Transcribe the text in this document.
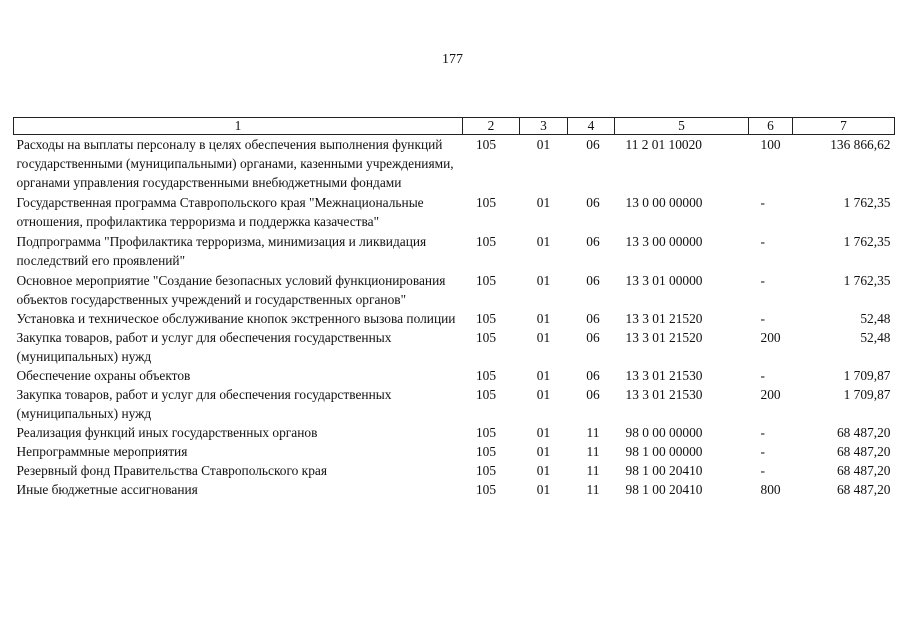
177
1	2	3	4	5	6	7
Расходы на выплаты персоналу в целях обеспечения выполнения функций государственными (муниципальными) органами, казенными учреждениями, органами управления государственными внебюджетными фондами	105	01	06	11 2 01 10020	100	136 866,62
Государственная программа Ставропольского края "Межнациональные отношения, профилактика терроризма и поддержка казачества"	105	01	06	13 0 00 00000	-	1 762,35
Подпрограмма "Профилактика терроризма, минимизация и ликвидация последствий его проявлений"	105	01	06	13 3 00 00000	-	1 762,35
Основное мероприятие "Создание безопасных условий функционирования объектов государственных учреждений и государственных органов"	105	01	06	13 3 01 00000	-	1 762,35
Установка и техническое обслуживание кнопок экстренного вызова полиции	105	01	06	13 3 01 21520	-	52,48
Закупка товаров, работ и услуг для обеспечения государственных (муниципальных) нужд	105	01	06	13 3 01 21520	200	52,48
Обеспечение охраны объектов	105	01	06	13 3 01 21530	-	1 709,87
Закупка товаров, работ и услуг для обеспечения государственных (муниципальных) нужд	105	01	06	13 3 01 21530	200	1 709,87
Реализация функций иных государственных органов	105	01	11	98 0 00 00000	-	68 487,20
Непрограммные мероприятия	105	01	11	98 1 00 00000	-	68 487,20
Резервный фонд Правительства Ставропольского края	105	01	11	98 1 00 20410	-	68 487,20
Иные бюджетные ассигнования	105	01	11	98 1 00 20410	800	68 487,20
